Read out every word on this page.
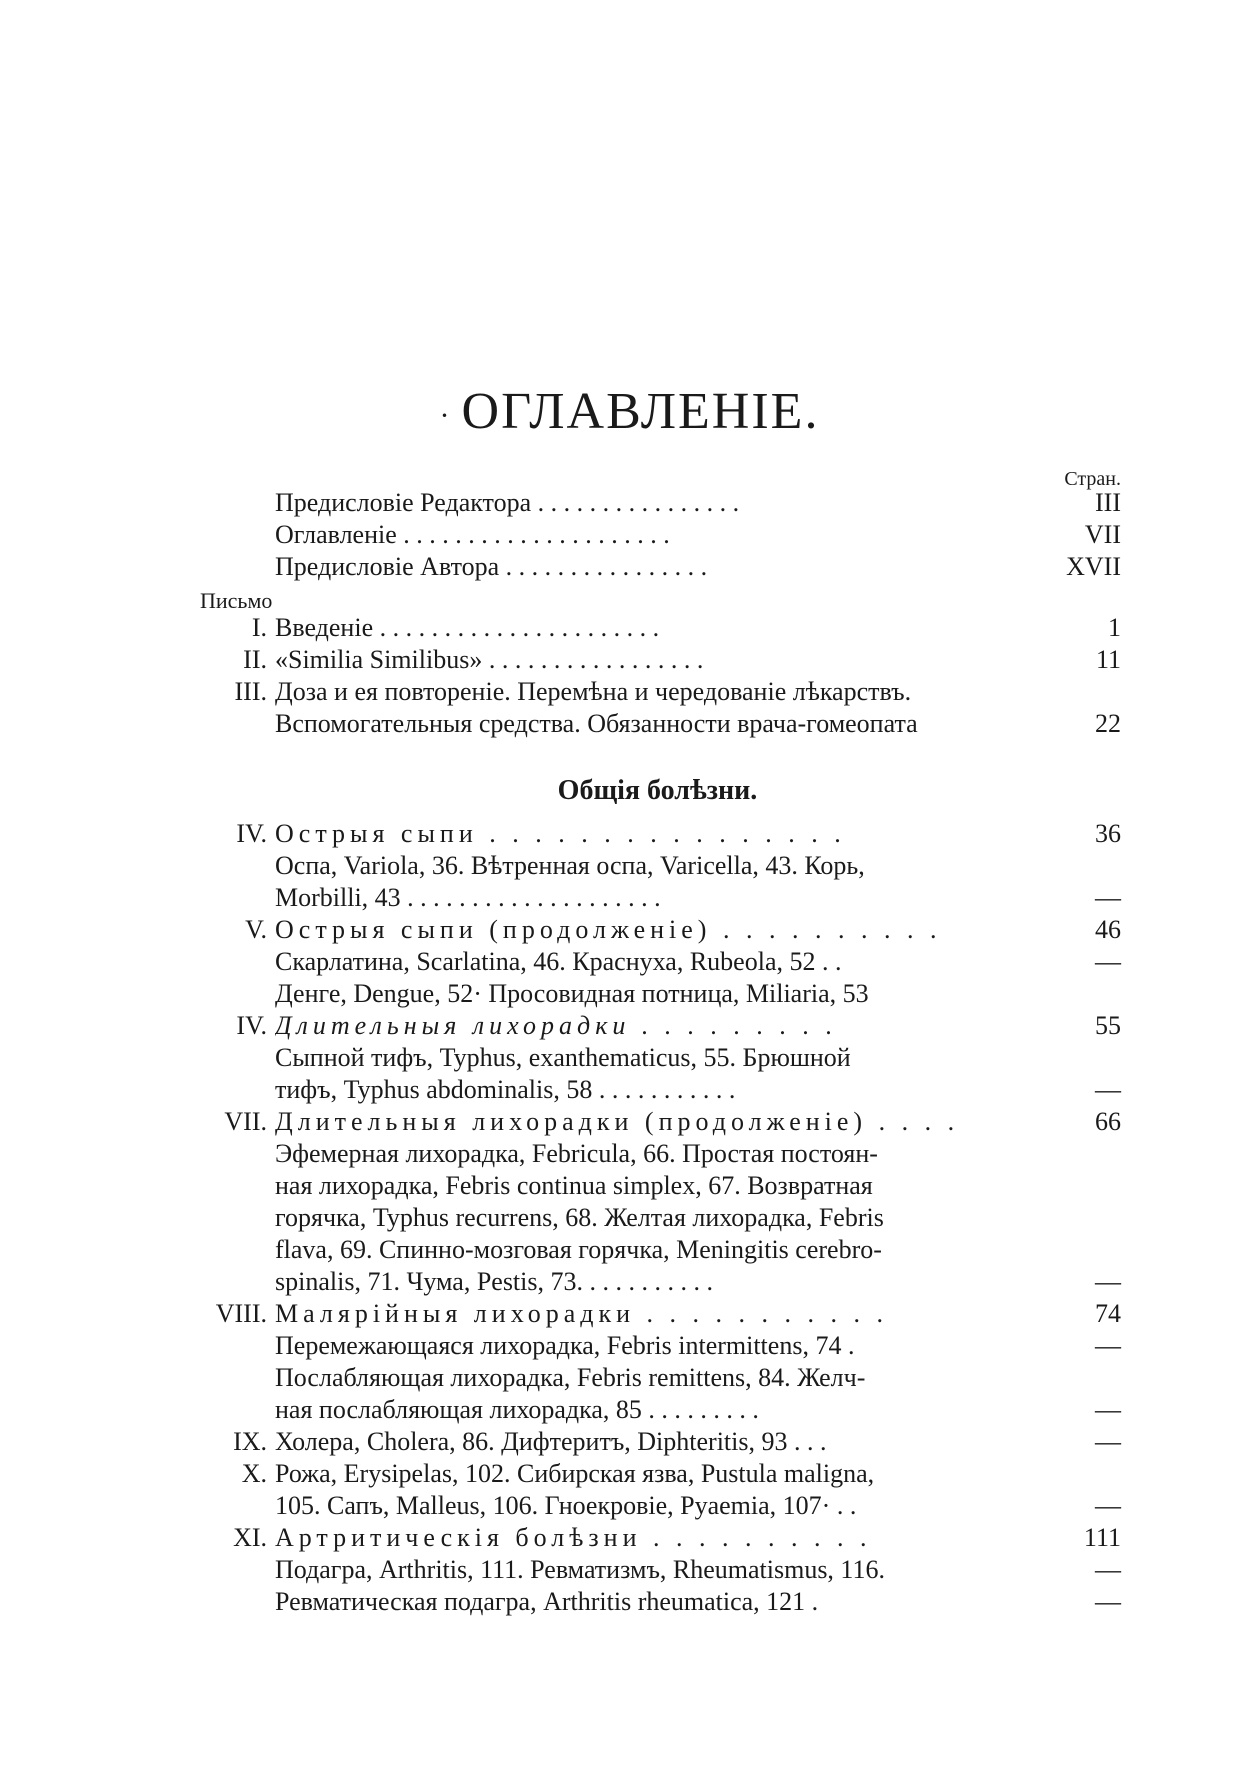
· ОГЛАВЛЕНІЕ.
Стран.
Предисловіе Редактора . . . . . . . . . . . . . . . .	III
Оглавленіе . . . . . . . . . . . . . . . . . . . . .	VII
Предисловіе Автора . . . . . . . . . . . . . . . .	XVII
Письмо
I. Введеніе . . . . . . . . . . . . . . . . . . . . . .	1
II. «Similia Similibus» . . . . . . . . . . . . . . . . .	11
III. Доза и ея повтореніе. Перемѣна и чередованіе лѣкарствъ.
Вспомогательныя средства. Обязанности врача-гомеопата	22
Общія болѣзни.
IV. Острыя сыпи . . . . . . . . . . . . . . . .	36
Оспа, Variola, 36. Вѣтренная оспа, Varicella, 43. Корь,
Morbilli, 43 . . . . . . . . . . . . . . . . . . . .	—
V. Острыя сыпи (продолженіе) . . . . . . . . . .	46
Скарлатина, Scarlatina, 46. Краснуха, Rubeola, 52 . .	—
Денге, Dengue, 52· Просовидная потница, Miliaria, 53
IV. Длительныя лихорадки . . . . . . . . .	55
Сыпной тифъ, Typhus, exanthematicus, 55. Брюшной
тифъ, Typhus abdominalis, 58 . . . . . . . . . . .	—
VII. Длительныя лихорадки (продолженіе) . . . .	66
Эфемерная лихорадка, Febricula, 66. Простая постоян-
ная лихорадка, Febris continua simplex, 67. Возвратная
горячка, Typhus recurrens, 68. Желтая лихорадка, Febris
flava, 69. Спинно-мозговая горячка, Meningitis cerebro-
spinalis, 71. Чума, Pestis, 73. . . . . . . . . . .	—
VIII. Малярійныя лихорадки . . . . . . . . . . .	74
Перемежающаяся лихорадка, Febris intermittens, 74 .	—
Послабляющая лихорадка, Febris remittens, 84. Желч-
ная послабляющая лихорадка, 85 . . . . . . . . .	—
IX. Холера, Cholera, 86. Дифтеритъ, Diphteritis, 93 . . .	—
X. Рожа, Erysipelas, 102. Сибирская язва, Pustula maligna,
105. Сапъ, Malleus, 106. Гноекровіе, Pyaemia, 107· . .	—
XI. Артритическія болѣзни . . . . . . . . . .	111
Подагра, Arthritis, 111. Ревматизмъ, Rheumatismus, 116.	—
Ревматическая подагра, Arthritis rheumatica, 121 .	—
